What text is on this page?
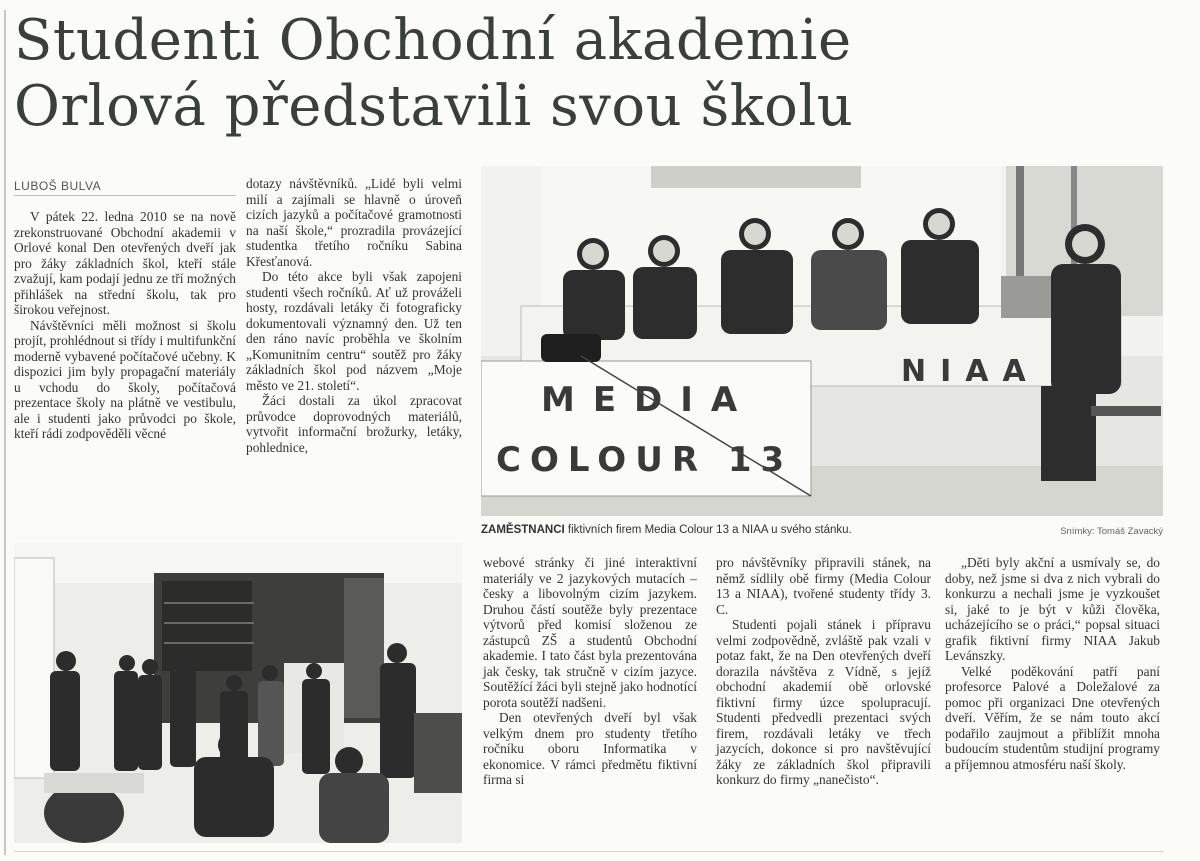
Studenti Obchodní akademie
Orlová představili svou školu
LUBOŠ BULVA

V pátek 22. ledna 2010 se na nově zrekonstruované Obchodní akademii v Orlové konal Den otevřených dveří jak pro žáky základních škol, kteří stále zvažují, kam podají jednu ze tří možných přihlášek na střední školu, tak pro širokou veřejnost.

Návštěvníci měli možnost si školu projít, prohlédnout si třídy i multifunkční moderně vybavené počítačové učebny. K dispozici jim byly propagační materiály u vchodu do školy, počítačová prezentace školy na plátně ve vestibulu, ale i studenti jako průvodci po škole, kteří rádi zodpověděli věcné

dotazy návštěvníků. „Lidé byli velmi milí a zajímali se hlavně o úroveň cizích jazyků a počítačové gramotnosti na naší škole,“ prozradila provázející studentka třetího ročníku Sabina Křesťanová.

Do této akce byli však zapojeni studenti všech ročníků. Ať už prováželi hosty, rozdávali letáky či fotograficky dokumentovali významný den. Už ten den ráno navíc proběhla ve školním „Komunitním centru“ soutěž pro žáky základních škol pod názvem „Moje město ve 21. století“.

Žáci dostali za úkol zpracovat průvodce doprovodných materiálů, vytvořit informační brožurky, letáky, pohlednice,

MEDIA
COLOUR 13
NIAA
ZAMĚSTNANCI fiktivních firem Media Colour 13 a NIAA u svého stánku.	Snímky: Tomáš Zavacký

webové stránky či jiné interaktivní materiály ve 2 jazykových mutacích – česky a libovolným cizím jazykem. Druhou částí soutěže byly prezentace výtvorů před komisí složenou ze zástupců ZŠ a studentů Obchodní akademie. I tato část byla prezentována jak česky, tak stručně v cizím jazyce. Soutěžící žáci byli stejně jako hodnotící porota soutěží nadšeni.

Den otevřených dveří byl však velkým dnem pro studenty třetího ročníku oboru Informatika v ekonomice. V rámci předmětu fiktivní firma si

pro návštěvníky připravili stánek, na němž sídlily obě firmy (Media Colour 13 a NIAA), tvořené studenty třídy 3. C.

Studenti pojali stánek i přípravu velmi zodpovědně, zvláště pak vzali v potaz fakt, že na Den otevřených dveří dorazila návštěva z Vídně, s jejíž obchodní akademií obě orlovské fiktivní firmy úzce spolupracují. Studenti předvedli prezentaci svých firem, rozdávali letáky ve třech jazycích, dokonce si pro navštěvující žáky ze základních škol připravili konkurz do firmy „nanečisto“.

„Děti byly akční a usmívaly se, do doby, než jsme si dva z nich vybrali do konkurzu a nechali jsme je vyzkoušet si, jaké to je být v kůži člověka, ucházejícího se o práci,“ popsal situaci grafik fiktivní firmy NIAA Jakub Levánszky.

Velké poděkování patří paní profesorce Palové a Doležalové za pomoc při organizaci Dne otevřených dveří. Věřím, že se nám touto akcí podařilo zaujmout a přiblížit mnoha budoucím studentům studijní programy a příjemnou atmosféru naší školy.
